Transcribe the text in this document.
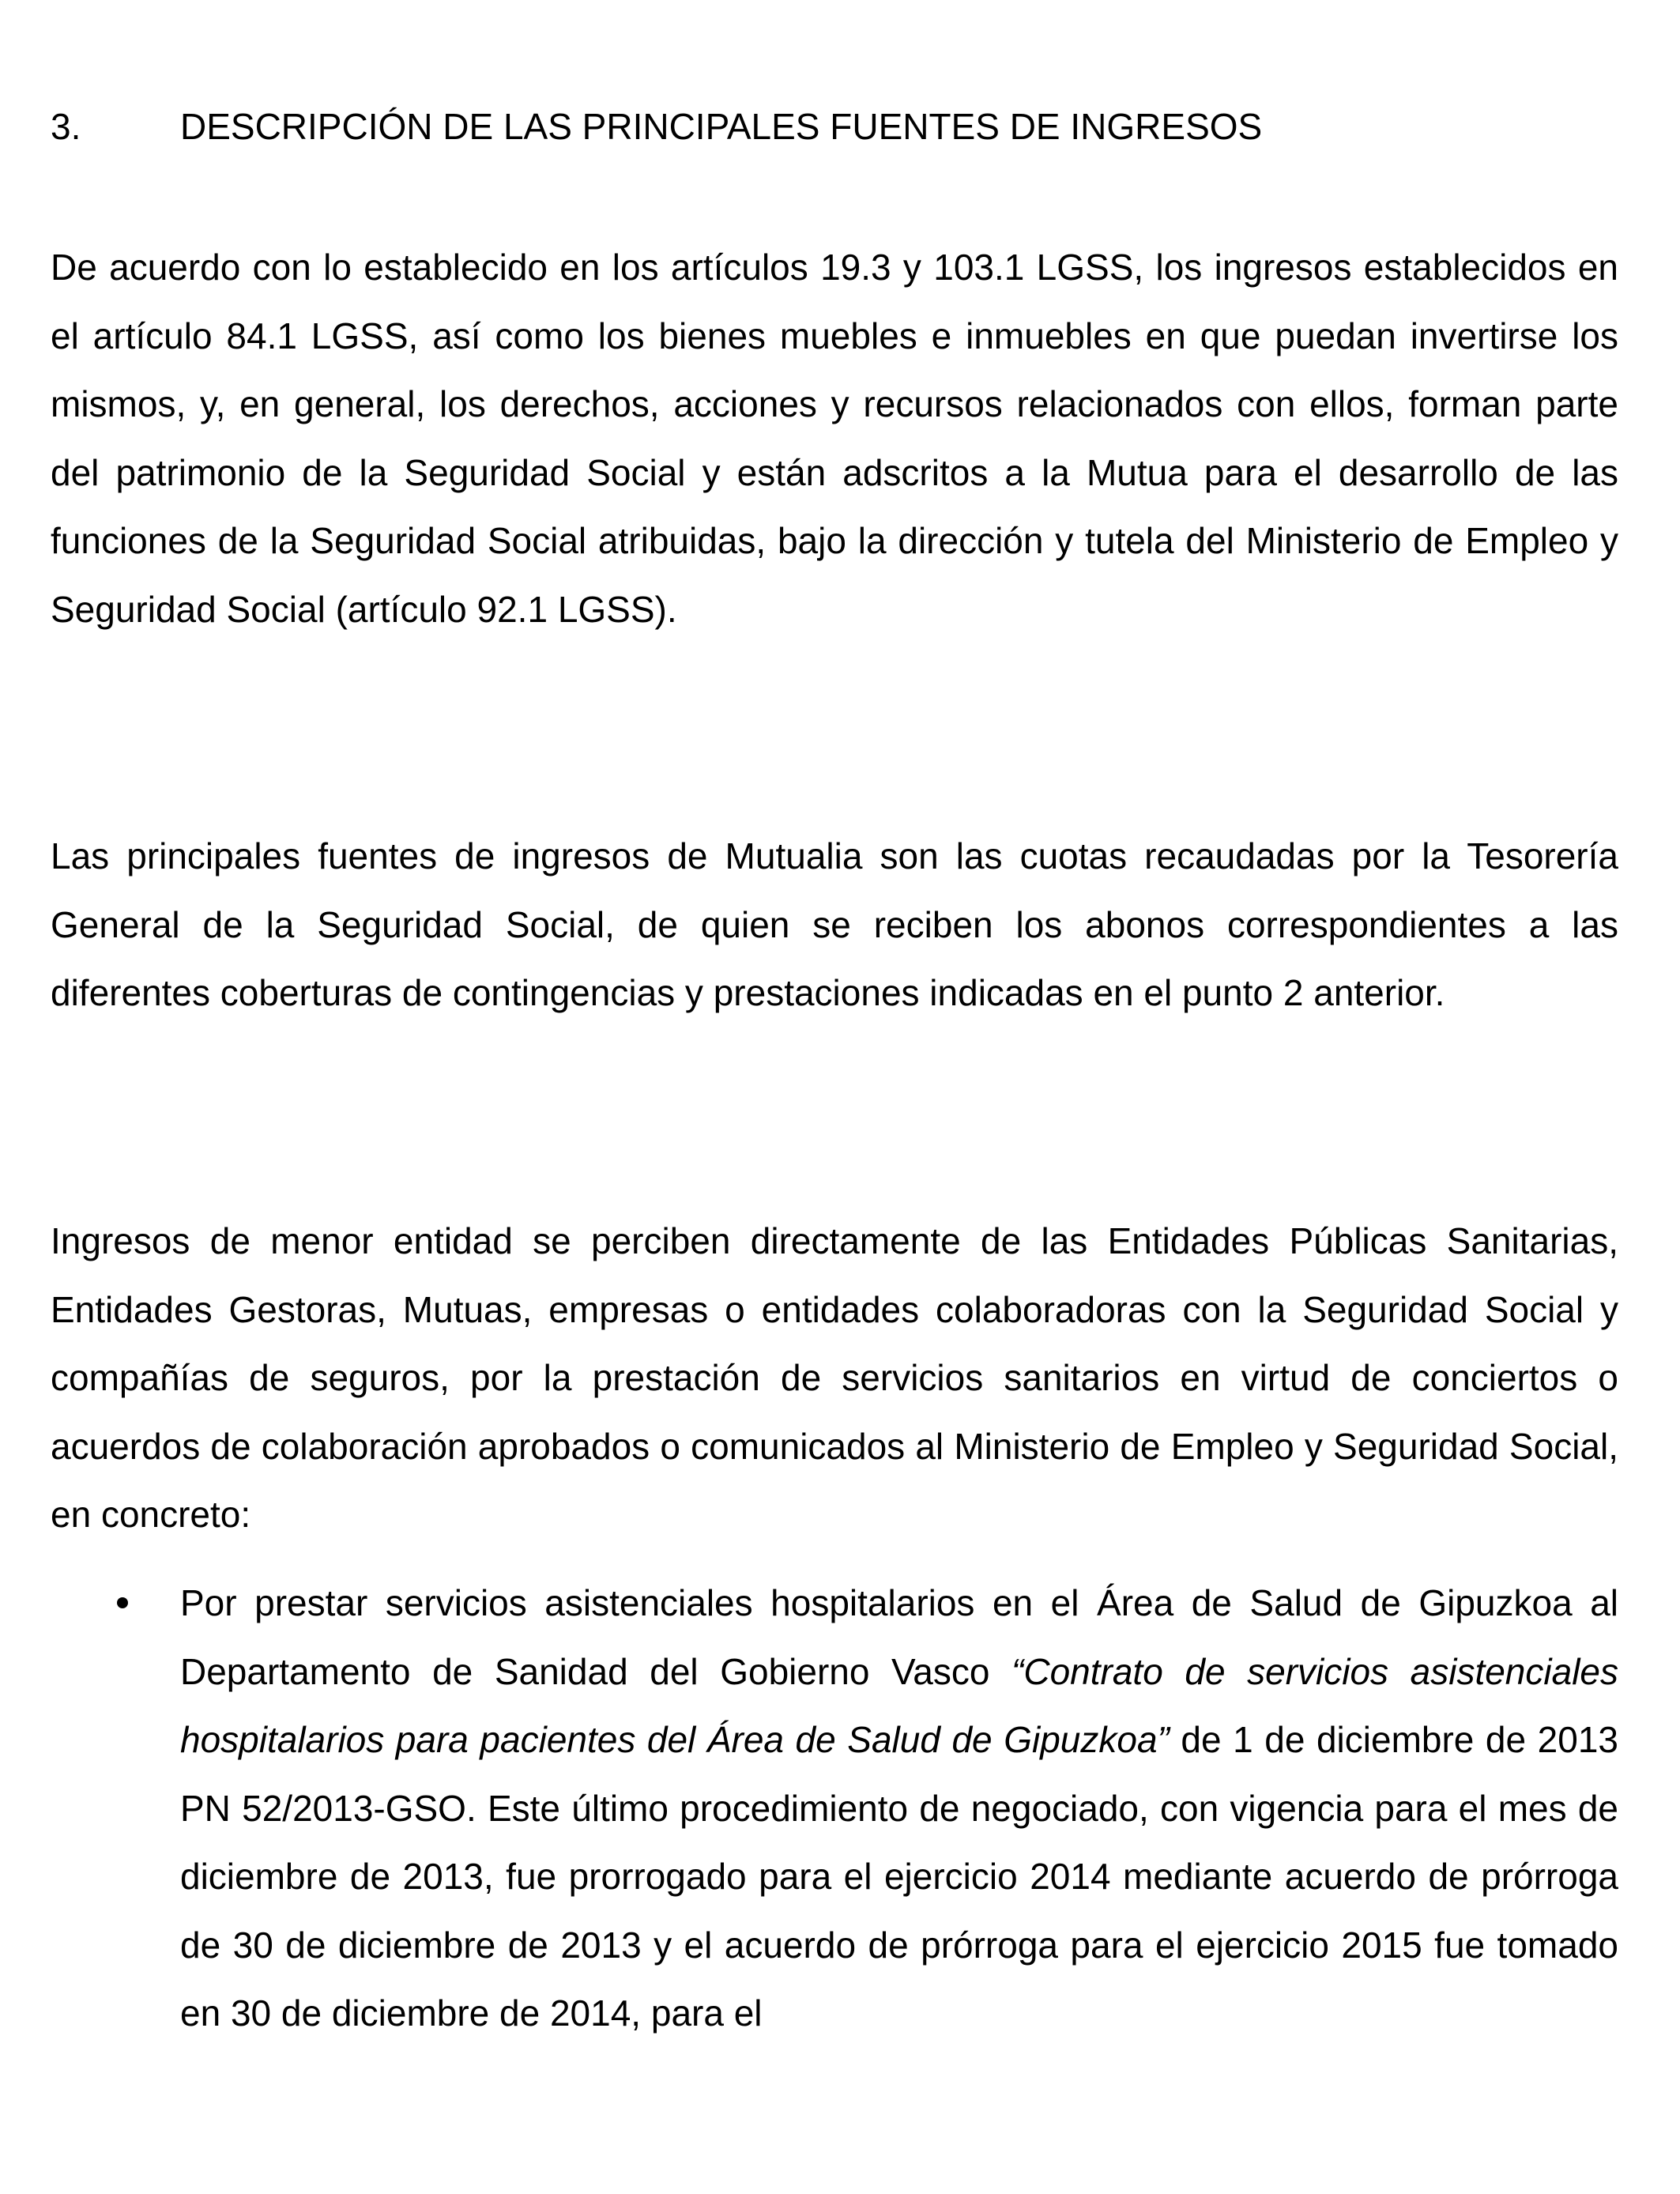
3.	DESCRIPCIÓN DE LAS PRINCIPALES FUENTES DE INGRESOS

De acuerdo con lo establecido en los artículos 19.3 y 103.1 LGSS, los ingresos establecidos en el artículo 84.1 LGSS, así como los bienes muebles e inmuebles en que puedan invertirse los mismos, y, en general, los derechos, acciones y recursos relacionados con ellos, forman parte del patrimonio de la Seguridad Social y están adscritos a la Mutua para el desarrollo de las funciones de la Seguridad Social atribuidas, bajo la dirección y tutela del Ministerio de Empleo y Seguridad Social (artículo 92.1 LGSS).

Las principales fuentes de ingresos de Mutualia son las cuotas recaudadas por la Tesorería General de la Seguridad Social, de quien se reciben los abonos correspondientes a las diferentes coberturas de contingencias y prestaciones indicadas en el punto 2 anterior.

Ingresos de menor entidad se perciben directamente de las Entidades Públicas Sanitarias, Entidades Gestoras, Mutuas, empresas o entidades colaboradoras con la Seguridad Social y compañías de seguros, por la prestación de servicios sanitarios en virtud de conciertos o acuerdos de colaboración aprobados o comunicados al Ministerio de Empleo y Seguridad Social, en concreto:

Por prestar servicios asistenciales hospitalarios en el Área de Salud de Gipuzkoa al Departamento de Sanidad del Gobierno Vasco “Contrato de servicios asistenciales hospitalarios para pacientes del Área de Salud de Gipuzkoa” de 1 de diciembre de 2013 PN 52/2013-GSO. Este último procedimiento de negociado, con vigencia para el mes de diciembre de 2013, fue prorrogado para el ejercicio 2014 mediante acuerdo de prórroga de 30 de diciembre de 2013 y el acuerdo de prórroga para el ejercicio 2015 fue tomado en 30 de diciembre de 2014, para el
